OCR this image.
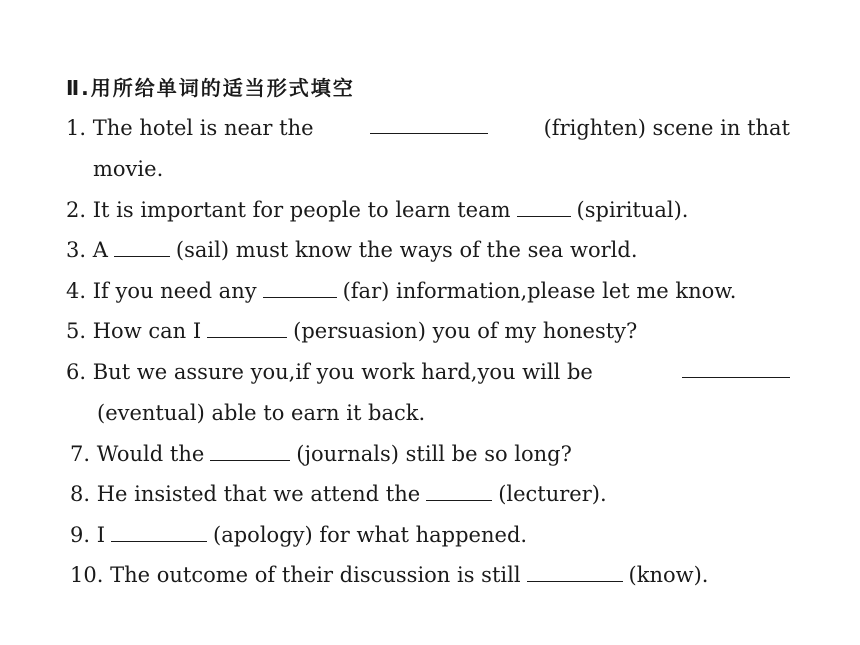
Ⅱ.用所给单词的适当形式填空
1. The hotel is near the	(frighten) scene in that
movie.
2. It is important for people to learn team	(spiritual).
3. A	(sail) must know the ways of the sea world.
4. If you need any	(far) information,please let me know.
5. How can I	(persuasion) you of my honesty?
6. But we assure you,if you work hard,you will be
(eventual) able to earn it back.
7. Would the	(journals) still be so long?
8. He insisted that we attend the	(lecturer).
9. I	(apology) for what happened.
10. The outcome of their discussion is still	(know).
